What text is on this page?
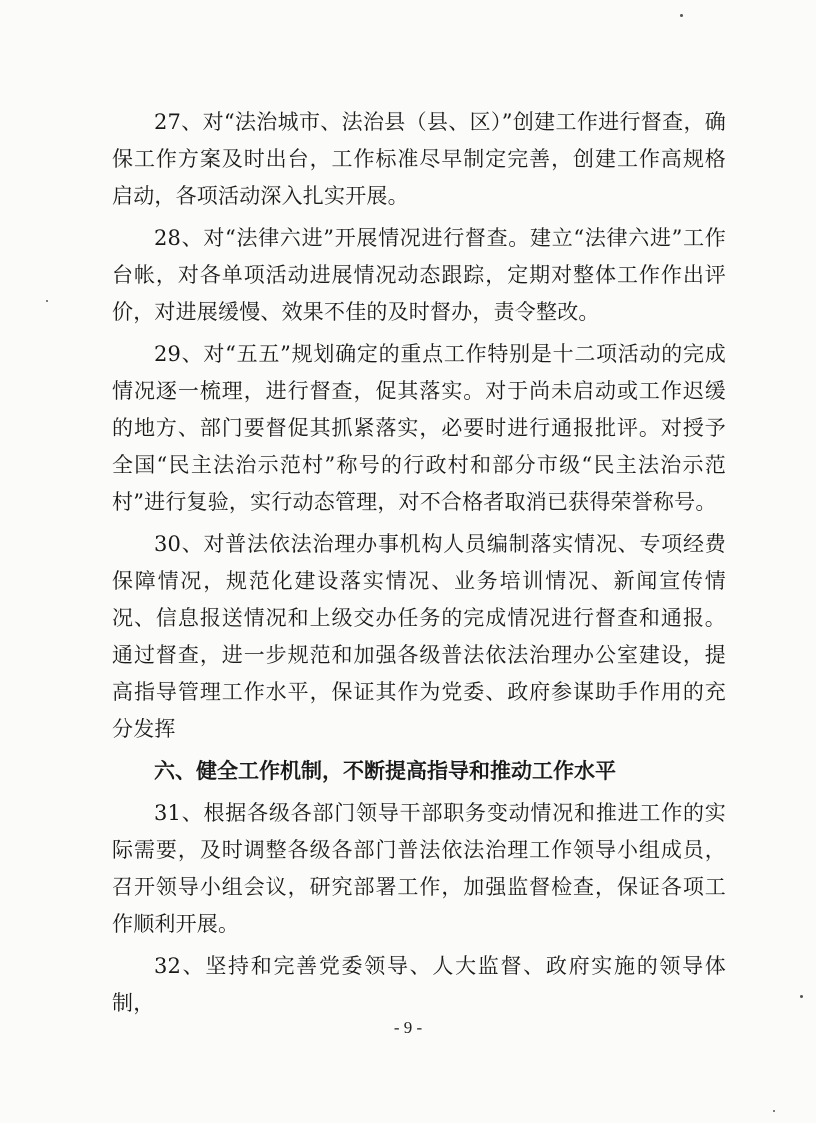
27、对“法治城市、法治县（县、区）”创建工作进行督查，确保工作方案及时出台，工作标准尽早制定完善，创建工作高规格启动，各项活动深入扎实开展。

28、对“法律六进”开展情况进行督查。建立“法律六进”工作台帐，对各单项活动进展情况动态跟踪，定期对整体工作作出评价，对进展缓慢、效果不佳的及时督办，责令整改。

29、对“五五”规划确定的重点工作特别是十二项活动的完成情况逐一梳理，进行督查，促其落实。对于尚未启动或工作迟缓的地方、部门要督促其抓紧落实，必要时进行通报批评。对授予全国“民主法治示范村”称号的行政村和部分市级“民主法治示范村”进行复验，实行动态管理，对不合格者取消已获得荣誉称号。

30、对普法依法治理办事机构人员编制落实情况、专项经费保障情况，规范化建设落实情况、业务培训情况、新闻宣传情况、信息报送情况和上级交办任务的完成情况进行督查和通报。通过督查，进一步规范和加强各级普法依法治理办公室建设，提高指导管理工作水平，保证其作为党委、政府参谋助手作用的充分发挥

六、健全工作机制，不断提高指导和推动工作水平

31、根据各级各部门领导干部职务变动情况和推进工作的实际需要，及时调整各级各部门普法依法治理工作领导小组成员，召开领导小组会议，研究部署工作，加强监督检查，保证各项工作顺利开展。

32、坚持和完善党委领导、人大监督、政府实施的领导体制，

- 9 -
